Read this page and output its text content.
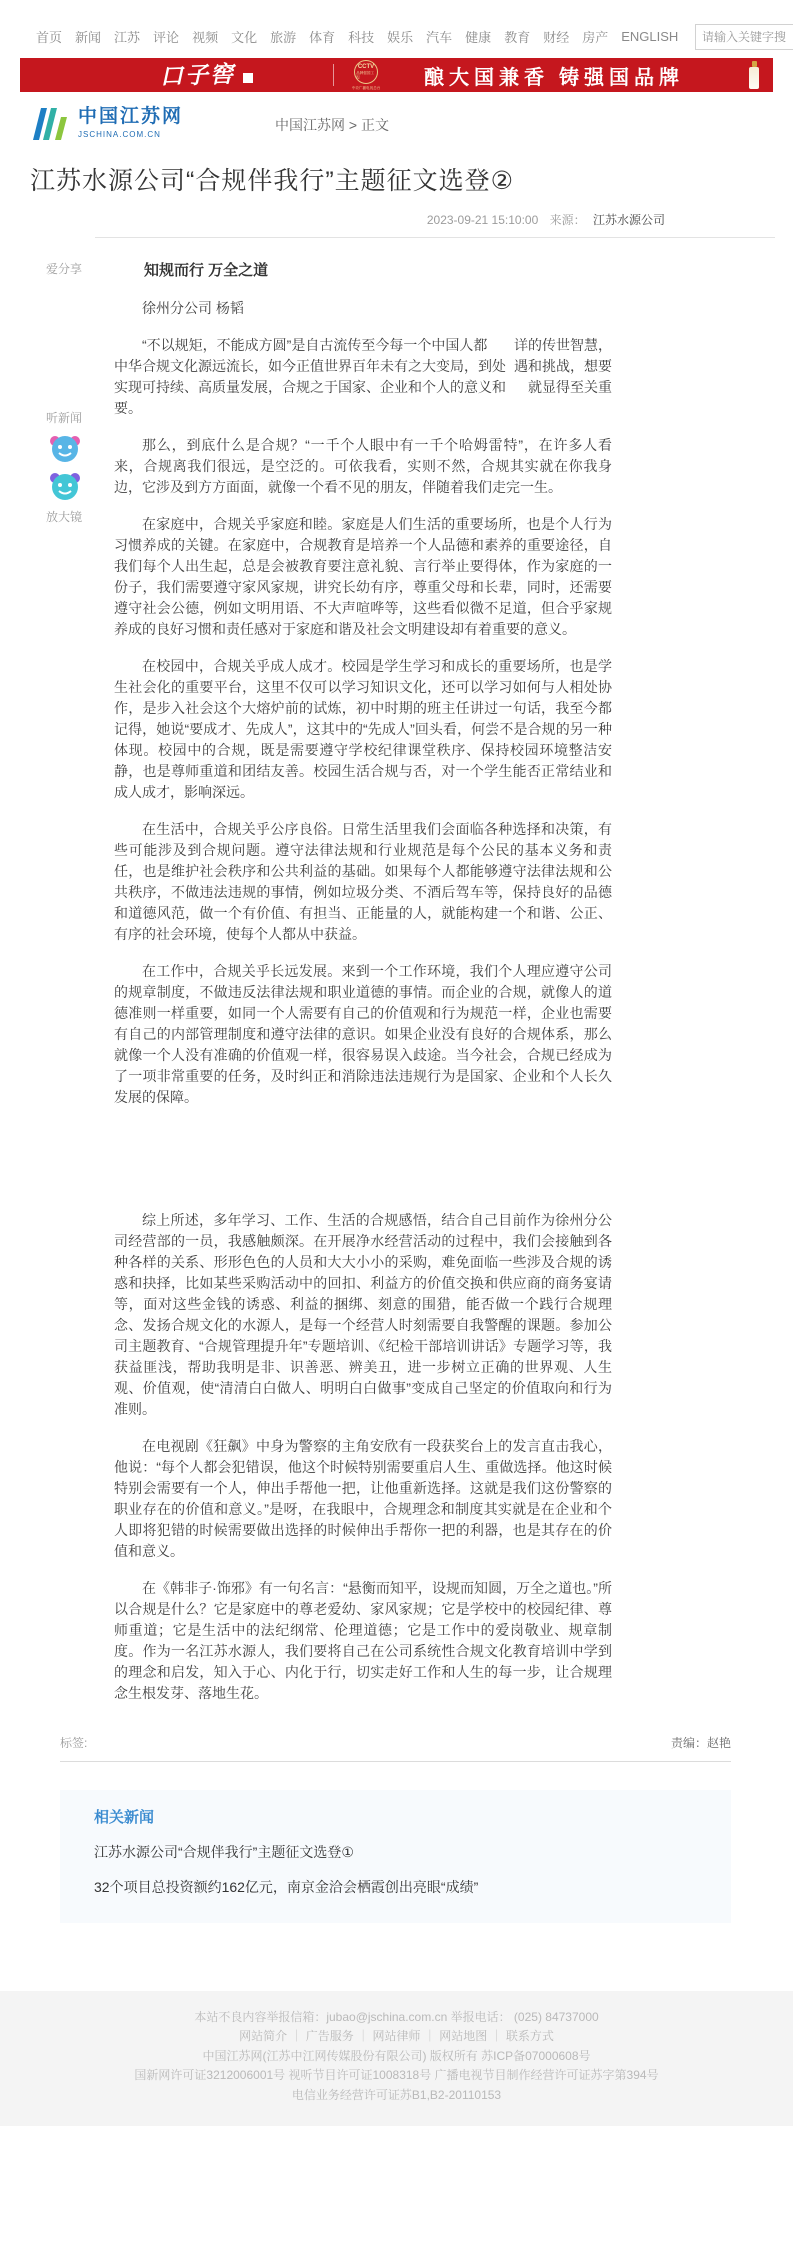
首页 新闻 江苏 评论 视频 文化 旅游 体育 科技 娱乐 汽车 健康 教育 财经 房产 ENGLISH
请输入关键字搜
口子窖	CCTV
品牌强国工程
中央广播电视总台 酿大国兼香 铸强国品牌
中国江苏网
JSCHINA.COM.CN
中国江苏网 > 正文
江苏水源公司“合规伴我行”主题征文选登②
2023-09-21 15:10:00 来源： 江苏水源公司
爱分享
听新闻
放大镜
知规而行 万全之道
徐州分公司 杨韬
“不以规矩，不能成方圆”是自古流传至今每一个中国人都 详的传世智慧，
中华合规文化源远流长，如今正值世界百年未有之大变局，到处 遇和挑战，想要
实现可持续、高质量发展，合规之于国家、企业和个人的意义和 就显得至关重
要。

那么，到底什么是合规？“一千个人眼中有一千个哈姆雷特”，在许多人看来，合规离我们很远，是空泛的。可依我看，实则不然，合规其实就在你我身边，它涉及到方方面面，就像一个看不见的朋友，伴随着我们走完一生。

在家庭中，合规关乎家庭和睦。家庭是人们生活的重要场所，也是个人行为习惯养成的关键。在家庭中，合规教育是培养一个人品德和素养的重要途径，自我们每个人出生起，总是会被教育要注意礼貌、言行举止要得体，作为家庭的一份子，我们需要遵守家风家规，讲究长幼有序，尊重父母和长辈，同时，还需要遵守社会公德，例如文明用语、不大声喧哗等，这些看似微不足道，但合乎家规养成的良好习惯和责任感对于家庭和谐及社会文明建设却有着重要的意义。

在校园中，合规关乎成人成才。校园是学生学习和成长的重要场所，也是学生社会化的重要平台，这里不仅可以学习知识文化，还可以学习如何与人相处协作，是步入社会这个大熔炉前的试炼，初中时期的班主任讲过一句话，我至今都记得，她说“要成才、先成人”，这其中的“先成人”回头看，何尝不是合规的另一种体现。校园中的合规，既是需要遵守学校纪律课堂秩序、保持校园环境整洁安静，也是尊师重道和团结友善。校园生活合规与否，对一个学生能否正常结业和成人成才，影响深远。

在生活中，合规关乎公序良俗。日常生活里我们会面临各种选择和决策，有些可能涉及到合规问题。遵守法律法规和行业规范是每个公民的基本义务和责任，也是维护社会秩序和公共利益的基础。如果每个人都能够遵守法律法规和公共秩序，不做违法违规的事情，例如垃圾分类、不酒后驾车等，保持良好的品德和道德风范，做一个有价值、有担当、正能量的人，就能构建一个和谐、公正、有序的社会环境，使每个人都从中获益。

在工作中，合规关乎长远发展。来到一个工作环境，我们个人理应遵守公司的规章制度，不做违反法律法规和职业道德的事情。而企业的合规，就像人的道德准则一样重要，如同一个人需要有自己的价值观和行为规范一样，企业也需要有自己的内部管理制度和遵守法律的意识。如果企业没有良好的合规体系，那么就像一个人没有准确的价值观一样，很容易误入歧途。当今社会，合规已经成为了一项非常重要的任务，及时纠正和消除违法违规行为是国家、企业和个人长久发展的保障。

综上所述，多年学习、工作、生活的合规感悟，结合自己目前作为徐州分公司经营部的一员，我感触颇深。在开展净水经营活动的过程中，我们会接触到各种各样的关系、形形色色的人员和大大小小的采购，难免面临一些涉及合规的诱惑和抉择，比如某些采购活动中的回扣、利益方的价值交换和供应商的商务宴请等，面对这些金钱的诱惑、利益的捆绑、刻意的围猎，能否做一个践行合规理念、发扬合规文化的水源人，是每一个经营人时刻需要自我警醒的课题。参加公司主题教育、“合规管理提升年”专题培训、《纪检干部培训讲话》专题学习等，我获益匪浅，帮助我明是非、识善恶、辨美丑，进一步树立正确的世界观、人生观、价值观，使“清清白白做人、明明白白做事”变成自己坚定的价值取向和行为准则。

在电视剧《狂飙》中身为警察的主角安欣有一段获奖台上的发言直击我心，他说：“每个人都会犯错误，他这个时候特别需要重启人生、重做选择。他这时候特别会需要有一个人，伸出手帮他一把，让他重新选择。这就是我们这份警察的职业存在的价值和意义。”是呀，在我眼中，合规理念和制度其实就是在企业和个人即将犯错的时候需要做出选择的时候伸出手帮你一把的利器，也是其存在的价值和意义。

在《韩非子·饰邪》有一句名言：“悬衡而知平，设规而知圆，万全之道也。”所以合规是什么？它是家庭中的尊老爱幼、家风家规；它是学校中的校园纪律、尊师重道；它是生活中的法纪纲常、伦理道德；它是工作中的爱岗敬业、规章制度。作为一名江苏水源人，我们要将自己在公司系统性合规文化教育培训中学到的理念和启发，知入于心、内化于行，切实走好工作和人生的每一步，让合规理念生根发芽、落地生花。

标签:	责编：赵艳
相关新闻
江苏水源公司“合规伴我行”主题征文选登①
32个项目总投资额约162亿元，南京金洽会栖霞创出亮眼“成绩”
本站不良内容举报信箱：jubao@jschina.com.cn 举报电话： (025) 84737000
网站简介 ｜ 广告服务 ｜ 网站律师 ｜ 网站地图 ｜ 联系方式
中国江苏网(江苏中江网传媒股份有限公司) 版权所有 苏ICP备07000608号
国新网许可证3212006001号 视听节目许可证1008318号 广播电视节目制作经营许可证苏字第394号
电信业务经营许可证苏B1,B2-20110153
